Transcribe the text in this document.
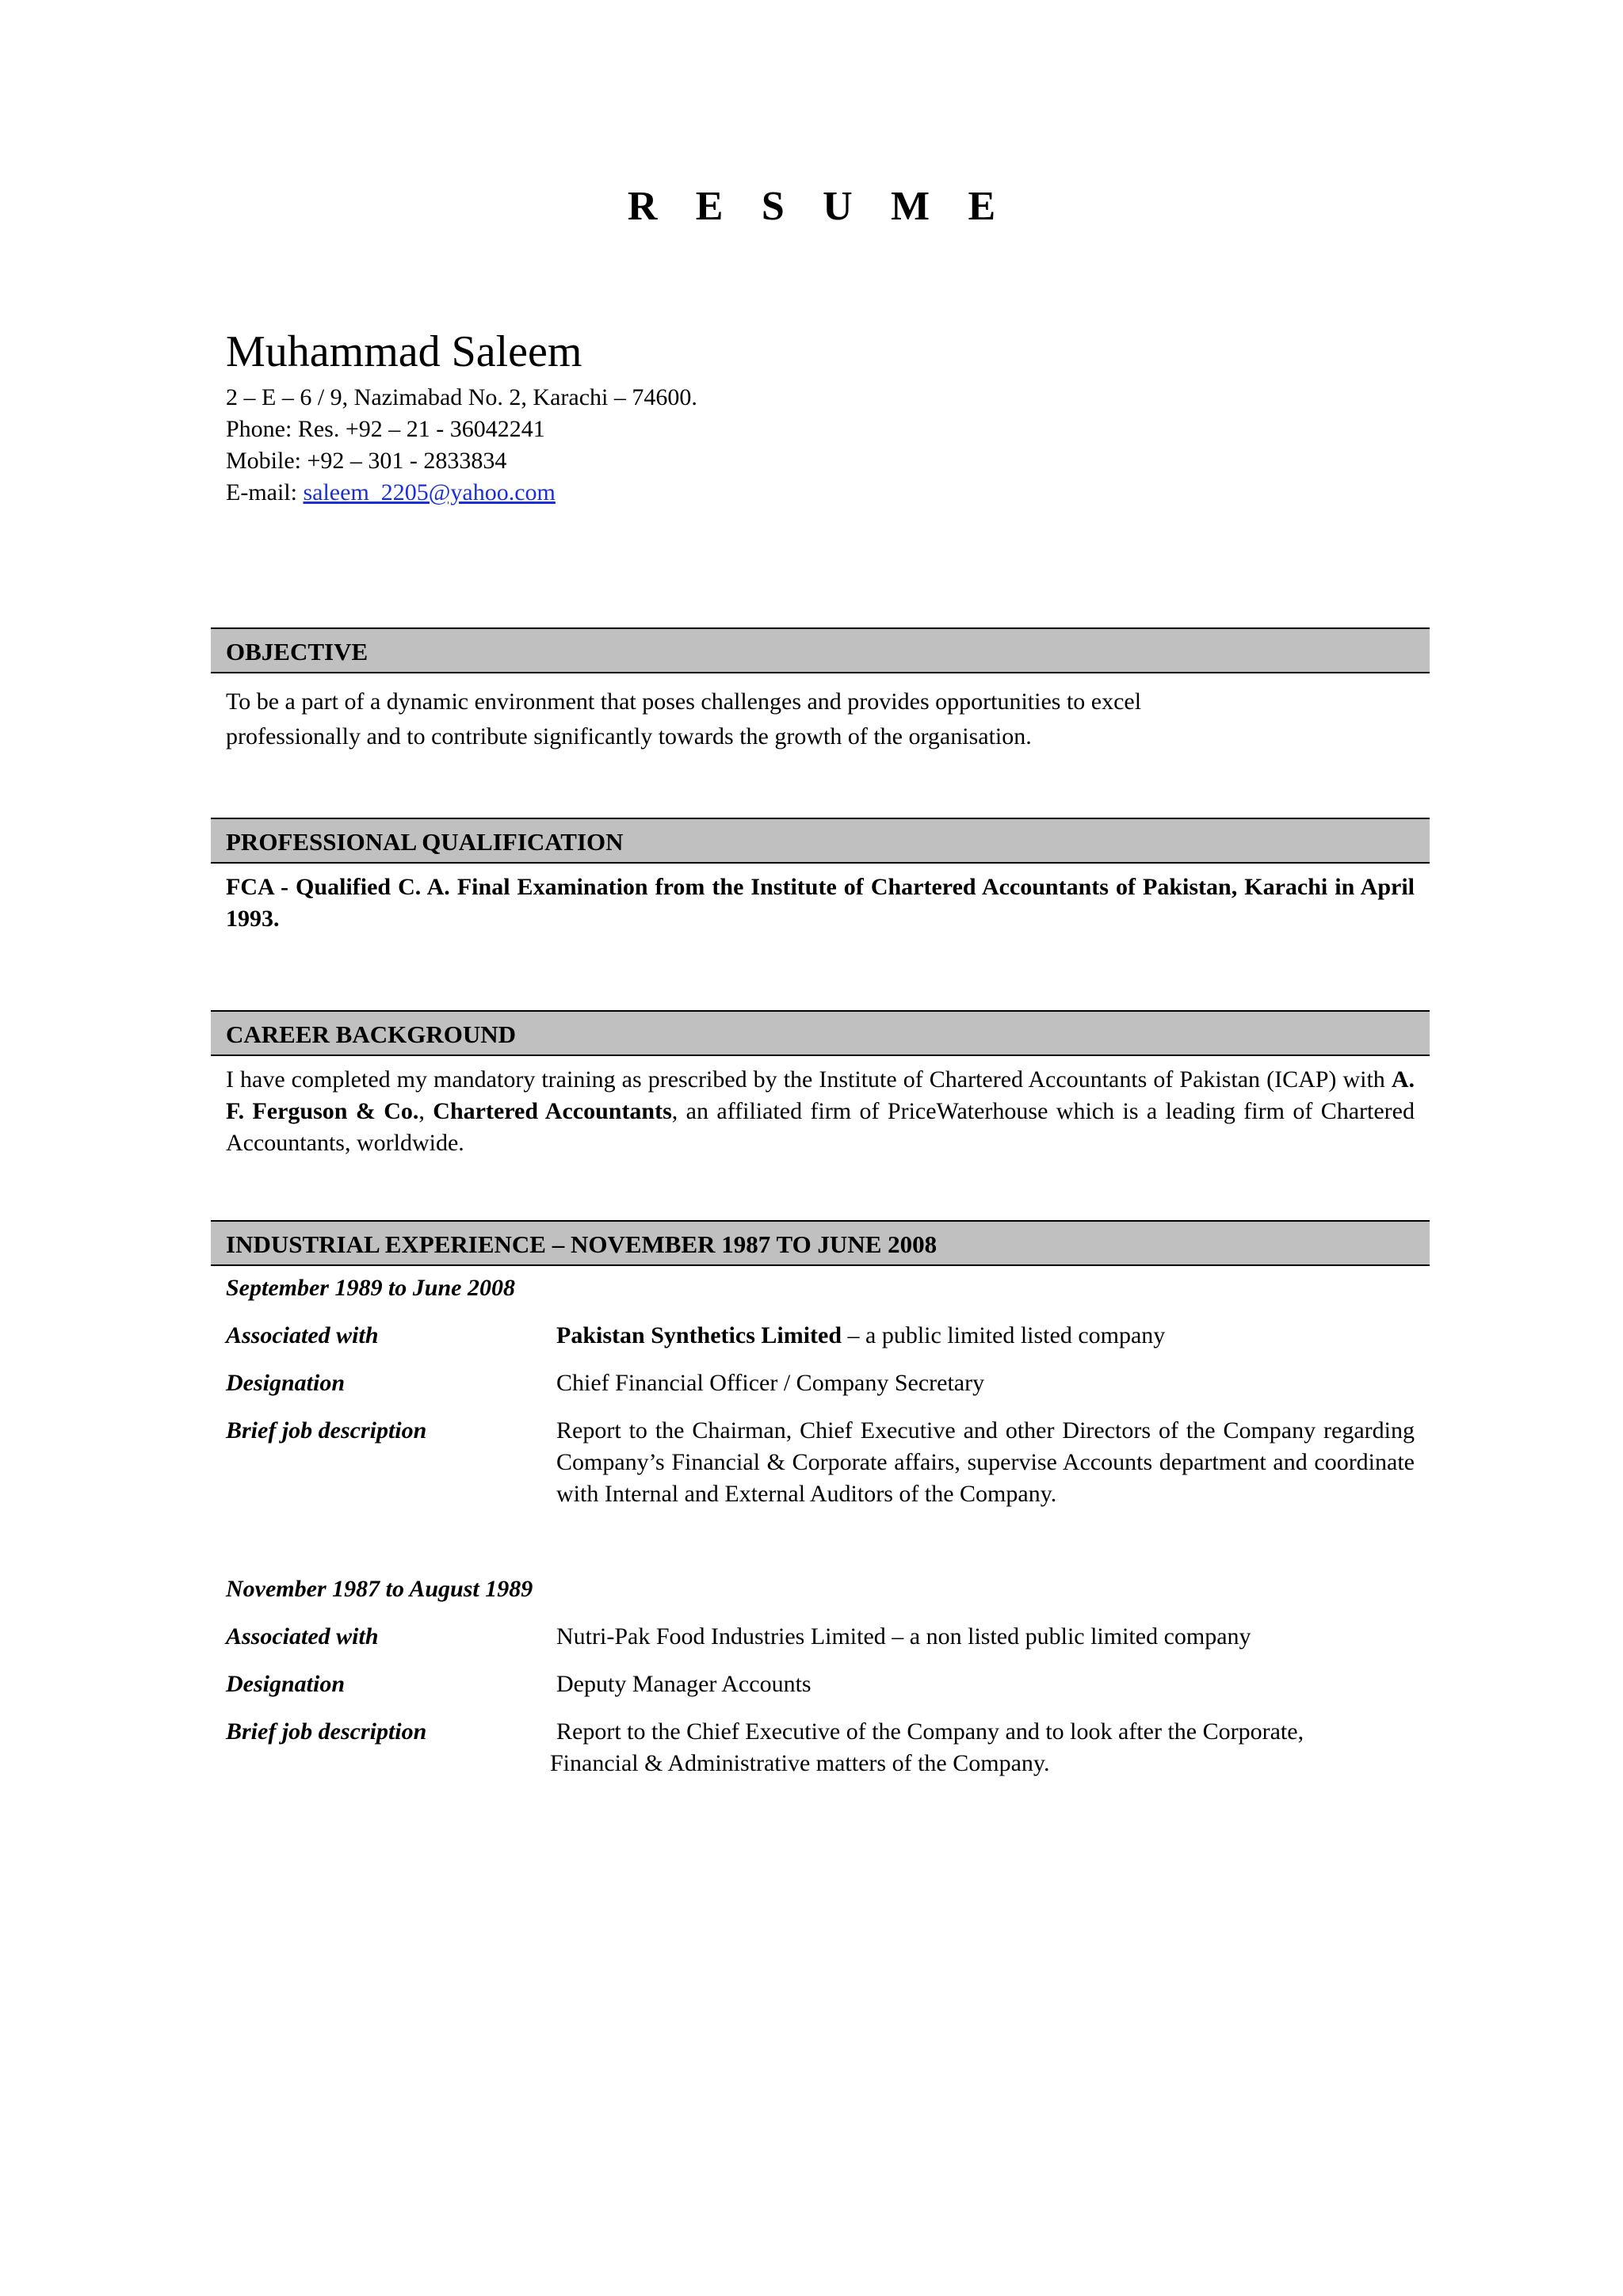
R E S U M E
Muhammad Saleem
2 – E – 6 / 9, Nazimabad No. 2, Karachi – 74600.
Phone: Res. +92 – 21 - 36042241
Mobile: +92 – 301 - 2833834
E-mail: saleem_2205@yahoo.com
OBJECTIVE
To be a part of a dynamic environment that poses challenges and provides opportunities to excel
professionally and to contribute significantly towards the growth of the organisation.
PROFESSIONAL QUALIFICATION
FCA - Qualified C. A. Final Examination from the Institute of Chartered Accountants of Pakistan, Karachi in April 1993.
CAREER BACKGROUND
I have completed my mandatory training as prescribed by the Institute of Chartered Accountants of Pakistan (ICAP) with A. F. Ferguson & Co., Chartered Accountants, an affiliated firm of PriceWaterhouse which is a leading firm of Chartered Accountants, worldwide.
INDUSTRIAL EXPERIENCE – NOVEMBER 1987 TO JUNE 2008
September 1989 to June 2008
Associated with	Pakistan Synthetics Limited – a public limited listed company
Designation	Chief Financial Officer / Company Secretary
Brief job description	Report to the Chairman, Chief Executive and other Directors of the Company regarding Company’s Financial & Corporate affairs, supervise Accounts department and coordinate with Internal and External Auditors of the Company.
November 1987 to August 1989
Associated with	Nutri-Pak Food Industries Limited – a non listed public limited company
Designation	Deputy Manager Accounts
Brief job description	Report to the Chief Executive of the Company and to look after the Corporate,
Financial & Administrative matters of the Company.
